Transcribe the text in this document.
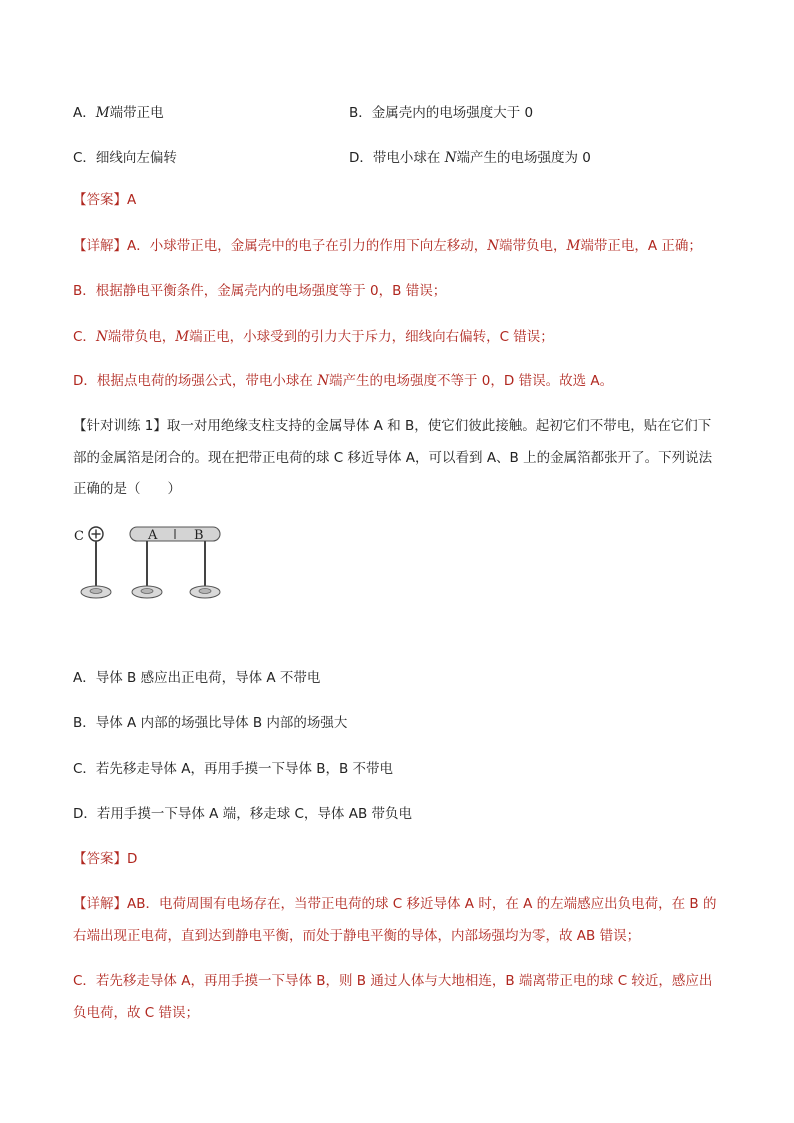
A．M端带正电	B．金属壳内的电场强度大于 0
C．细线向左偏转	D．带电小球在 N端产生的电场强度为 0
【答案】A
【详解】A．小球带正电，金属壳中的电子在引力的作用下向左移动，N端带负电，M端带正电，A 正确；
B．根据静电平衡条件，金属壳内的电场强度等于 0，B 错误；
C．N端带负电，M端正电，小球受到的引力大于斥力，细线向右偏转，C 错误；
D．根据点电荷的场强公式，带电小球在 N端产生的电场强度不等于 0，D 错误。故选 A。
【针对训练 1】取一对用绝缘支柱支持的金属导体 A 和 B，使它们彼此接触。起初它们不带电，贴在它们下
部的金属箔是闭合的。现在把带正电荷的球 C 移近导体 A，可以看到 A、B 上的金属箔都张开了。下列说法
正确的是（　　）
C	A	B
A．导体 B 感应出正电荷，导体 A 不带电
B．导体 A 内部的场强比导体 B 内部的场强大
C．若先移走导体 A，再用手摸一下导体 B，B 不带电
D．若用手摸一下导体 A 端，移走球 C，导体 AB 带负电
【答案】D
【详解】AB．电荷周围有电场存在，当带正电荷的球 C 移近导体 A 时，在 A 的左端感应出负电荷，在 B 的
右端出现正电荷，直到达到静电平衡，而处于静电平衡的导体，内部场强均为零，故 AB 错误；
C．若先移走导体 A，再用手摸一下导体 B，则 B 通过人体与大地相连，B 端离带正电的球 C 较近，感应出
负电荷，故 C 错误；
